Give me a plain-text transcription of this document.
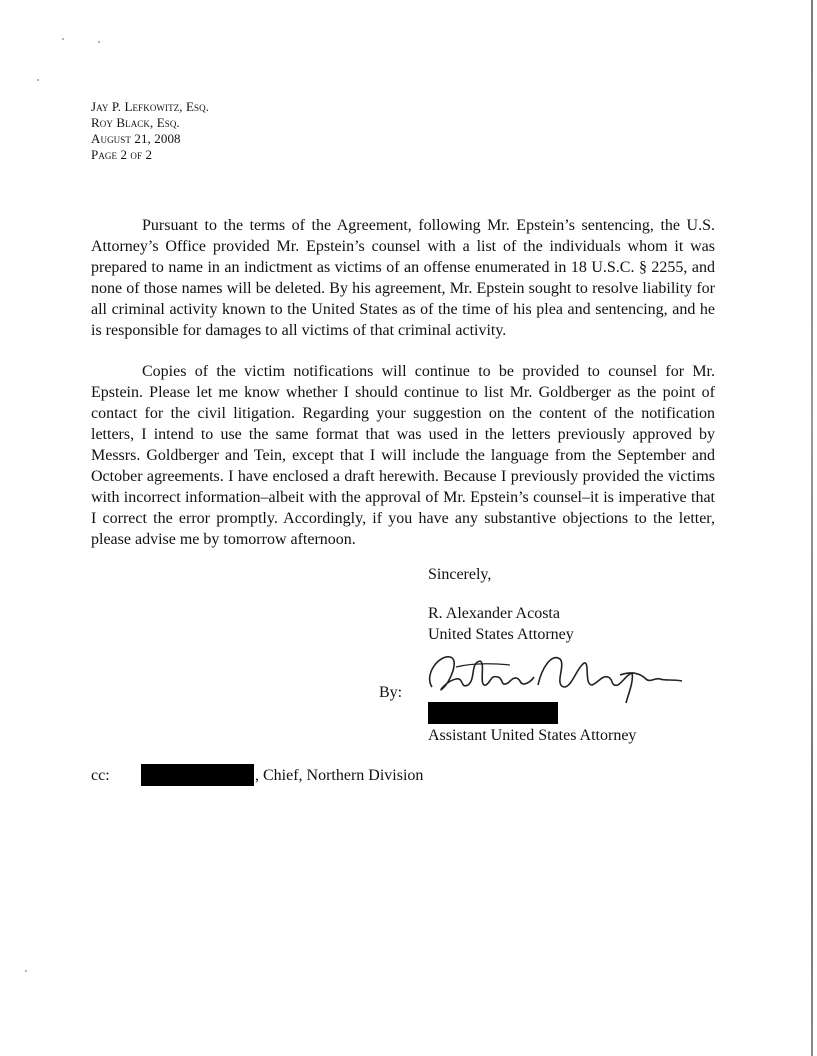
Jay P. Lefkowitz, Esq.
Roy Black, Esq.
August 21, 2008
Page 2 of 2

Pursuant to the terms of the Agreement, following Mr. Epstein’s sentencing, the U.S. Attorney’s Office provided Mr. Epstein’s counsel with a list of the individuals whom it was prepared to name in an indictment as victims of an offense enumerated in 18 U.S.C. § 2255, and none of those names will be deleted. By his agreement, Mr. Epstein sought to resolve liability for all criminal activity known to the United States as of the time of his plea and sentencing, and he is responsible for damages to all victims of that criminal activity.

Copies of the victim notifications will continue to be provided to counsel for Mr. Epstein. Please let me know whether I should continue to list Mr. Goldberger as the point of contact for the civil litigation. Regarding your suggestion on the content of the notification letters, I intend to use the same format that was used in the letters previously approved by Messrs. Goldberger and Tein, except that I will include the language from the September and October agreements. I have enclosed a draft herewith. Because I previously provided the victims with incorrect information–albeit with the approval of Mr. Epstein’s counsel–it is imperative that I correct the error promptly. Accordingly, if you have any substantive objections to the letter, please advise me by tomorrow afternoon.

Sincerely,
R. Alexander Acosta
United States Attorney
By:
Assistant United States Attorney
cc:	, Chief, Northern Division
